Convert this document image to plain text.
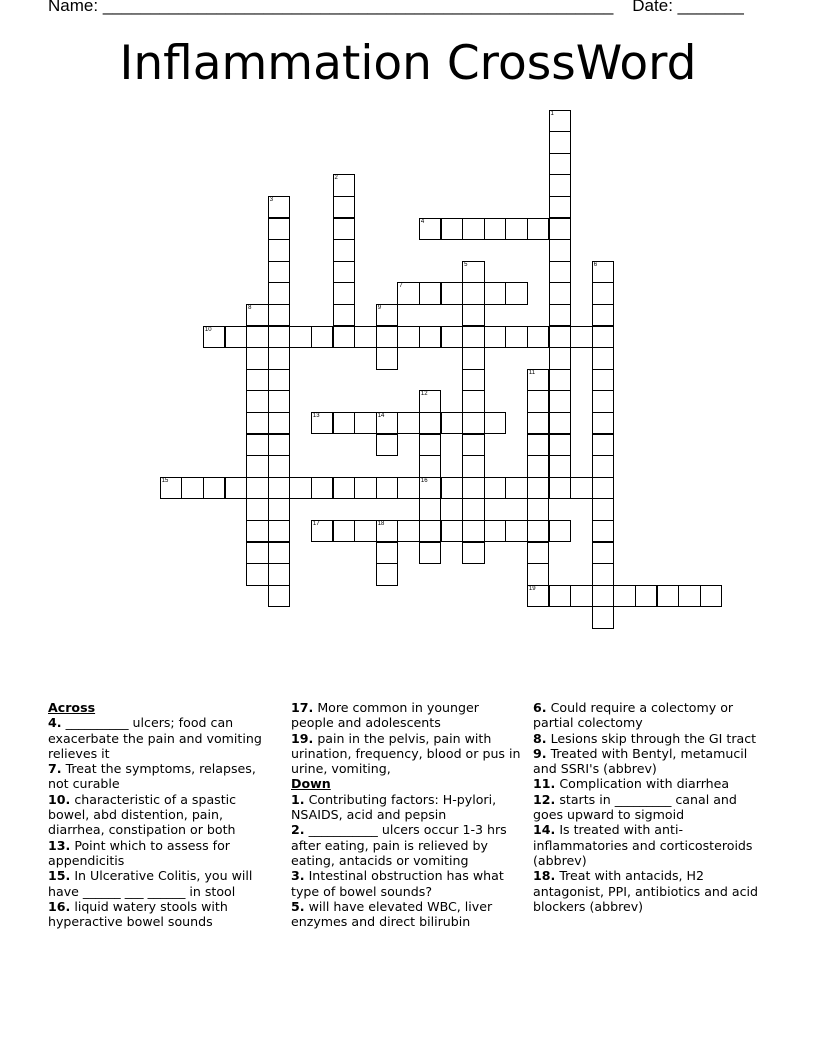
Name: ______________________________________________________ Date: _______
Inflammation CrossWord
1
2
3
4
5	6
7
8	9
10
11
12
16
13	14
15
17	18
19
Across
4. __________ ulcers; food can exacerbate the pain and vomiting relieves it
7. Treat the symptoms, relapses, not curable
10. characteristic of a spastic bowel, abd distention, pain, diarrhea, constipation or both
13. Point which to assess for appendicitis
15. In Ulcerative Colitis, you will have ______ ___ ______ in stool
16. liquid watery stools with hyperactive bowel sounds
17. More common in younger people and adolescents
19. pain in the pelvis, pain with urination, frequency, blood or pus in urine, vomiting,
Down
1. Contributing factors: H-pylori, NSAIDS, acid and pepsin
2. ___________ ulcers occur 1-3 hrs after eating, pain is relieved by eating, antacids or vomiting
3. Intestinal obstruction has what type of bowel sounds?
5. will have elevated WBC, liver enzymes and direct bilirubin
6. Could require a colectomy or partial colectomy
8. Lesions skip through the GI tract
9. Treated with Bentyl, metamucil and SSRI's (abbrev)
11. Complication with diarrhea
12. starts in _________ canal and goes upward to sigmoid
14. Is treated with anti-inflammatories and corticosteroids (abbrev)
18. Treat with antacids, H2 antagonist, PPI, antibiotics and acid blockers (abbrev)
